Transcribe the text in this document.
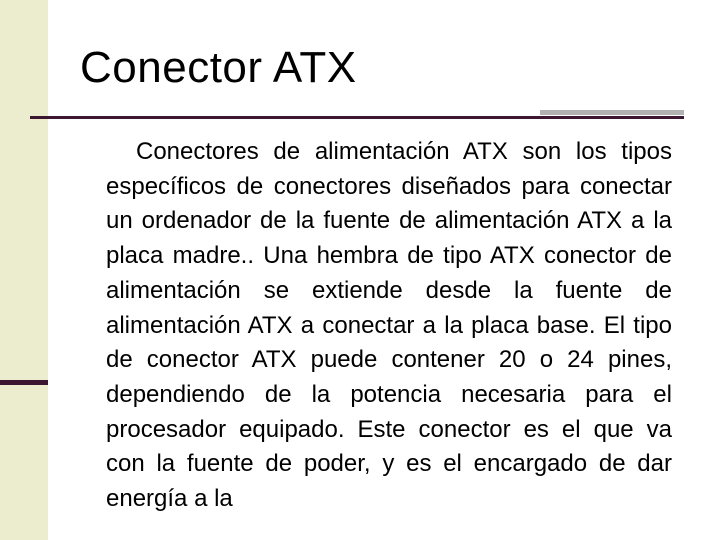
Conector ATX

Conectores de alimentación ATX son los tipos específicos de conectores diseñados para conectar un ordenador de la fuente de alimentación ATX a la placa madre.. Una hembra de tipo ATX conector de alimentación se extiende desde la fuente de alimentación ATX a conectar a la placa base. El tipo de conector ATX puede contener 20 o 24 pines, dependiendo de la potencia necesaria para el procesador equipado. Este conector es el que va con la fuente de poder, y es el encargado de dar energía a la
